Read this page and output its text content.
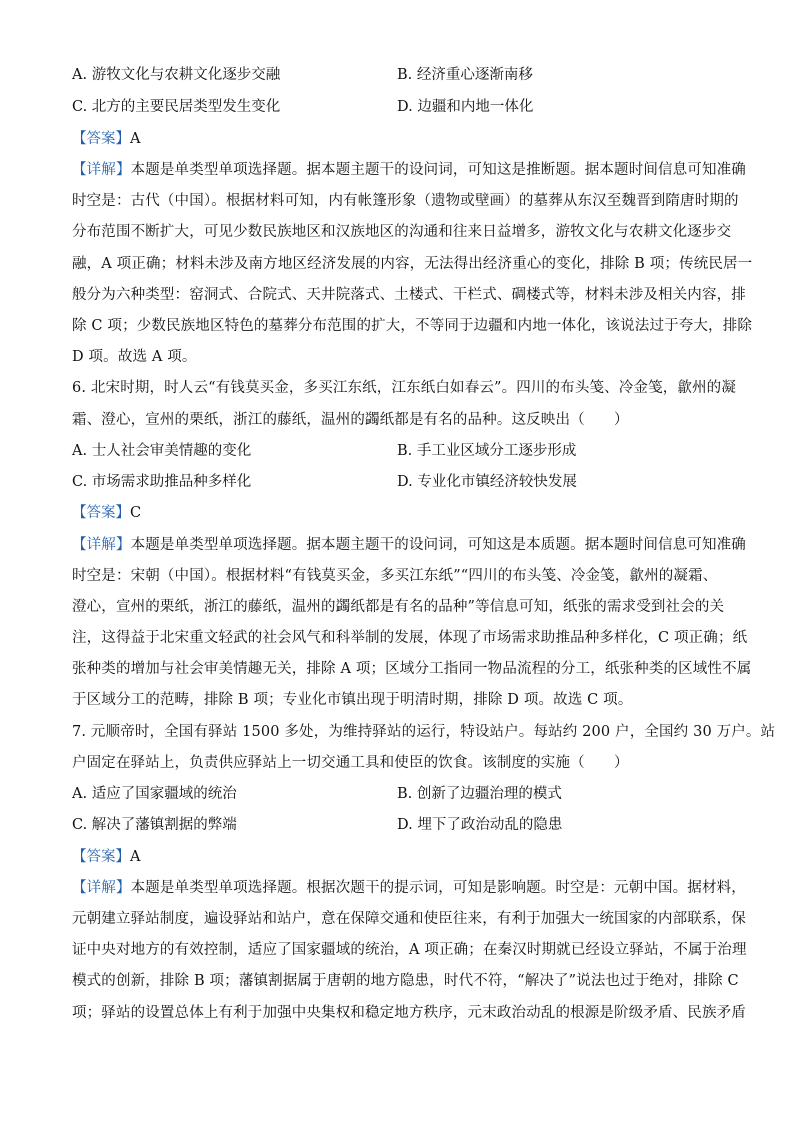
A. 游牧文化与农耕文化逐步交融	B. 经济重心逐渐南移
C. 北方的主要民居类型发生变化	D. 边疆和内地一体化
【答案】A
【详解】本题是单类型单项选择题。据本题主题干的设问词，可知这是推断题。据本题时间信息可知准确
时空是：古代（中国）。根据材料可知，内有帐篷形象（遗物或壁画）的墓葬从东汉至魏晋到隋唐时期的
分布范围不断扩大，可见少数民族地区和汉族地区的沟通和往来日益增多，游牧文化与农耕文化逐步交
融，A 项正确；材料未涉及南方地区经济发展的内容，无法得出经济重心的变化，排除 B 项；传统民居一
般分为六种类型：窑洞式、合院式、天井院落式、土楼式、干栏式、碉楼式等，材料未涉及相关内容，排
除 C 项；少数民族地区特色的墓葬分布范围的扩大，不等同于边疆和内地一体化，该说法过于夸大，排除
D 项。故选 A 项。
6. 北宋时期，时人云“有钱莫买金，多买江东纸，江东纸白如春云”。四川的布头笺、冷金笺，歙州的凝
霜、澄心，宣州的栗纸，浙江的藤纸，温州的蠲纸都是有名的品种。这反映出（　　）
A. 士人社会审美情趣的变化	B. 手工业区域分工逐步形成
C. 市场需求助推品种多样化	D. 专业化市镇经济较快发展
【答案】C
【详解】本题是单类型单项选择题。据本题主题干的设问词，可知这是本质题。据本题时间信息可知准确
时空是：宋朝（中国）。根据材料“有钱莫买金，多买江东纸”“四川的布头笺、冷金笺，歙州的凝霜、
澄心，宣州的栗纸，浙江的藤纸，温州的蠲纸都是有名的品种”等信息可知，纸张的需求受到社会的关
注，这得益于北宋重文轻武的社会风气和科举制的发展，体现了市场需求助推品种多样化，C 项正确；纸
张种类的增加与社会审美情趣无关，排除 A 项；区域分工指同一物品流程的分工，纸张种类的区域性不属
于区域分工的范畴，排除 B 项；专业化市镇出现于明清时期，排除 D 项。故选 C 项。
7. 元顺帝时，全国有驿站 1500 多处，为维持驿站的运行，特设站户。每站约 200 户，全国约 30 万户。站
户固定在驿站上，负责供应驿站上一切交通工具和使臣的饮食。该制度的实施（　　）
A. 适应了国家疆域的统治	B. 创新了边疆治理的模式
C. 解决了藩镇割据的弊端	D. 埋下了政治动乱的隐患
【答案】A
【详解】本题是单类型单项选择题。根据次题干的提示词，可知是影响题。时空是：元朝中国。据材料，
元朝建立驿站制度，遍设驿站和站户，意在保障交通和使臣往来，有利于加强大一统国家的内部联系，保
证中央对地方的有效控制，适应了国家疆域的统治，A 项正确；在秦汉时期就已经设立驿站，不属于治理
模式的创新，排除 B 项；藩镇割据属于唐朝的地方隐患，时代不符，“解决了”说法也过于绝对，排除 C
项；驿站的设置总体上有利于加强中央集权和稳定地方秩序，元末政治动乱的根源是阶级矛盾、民族矛盾
